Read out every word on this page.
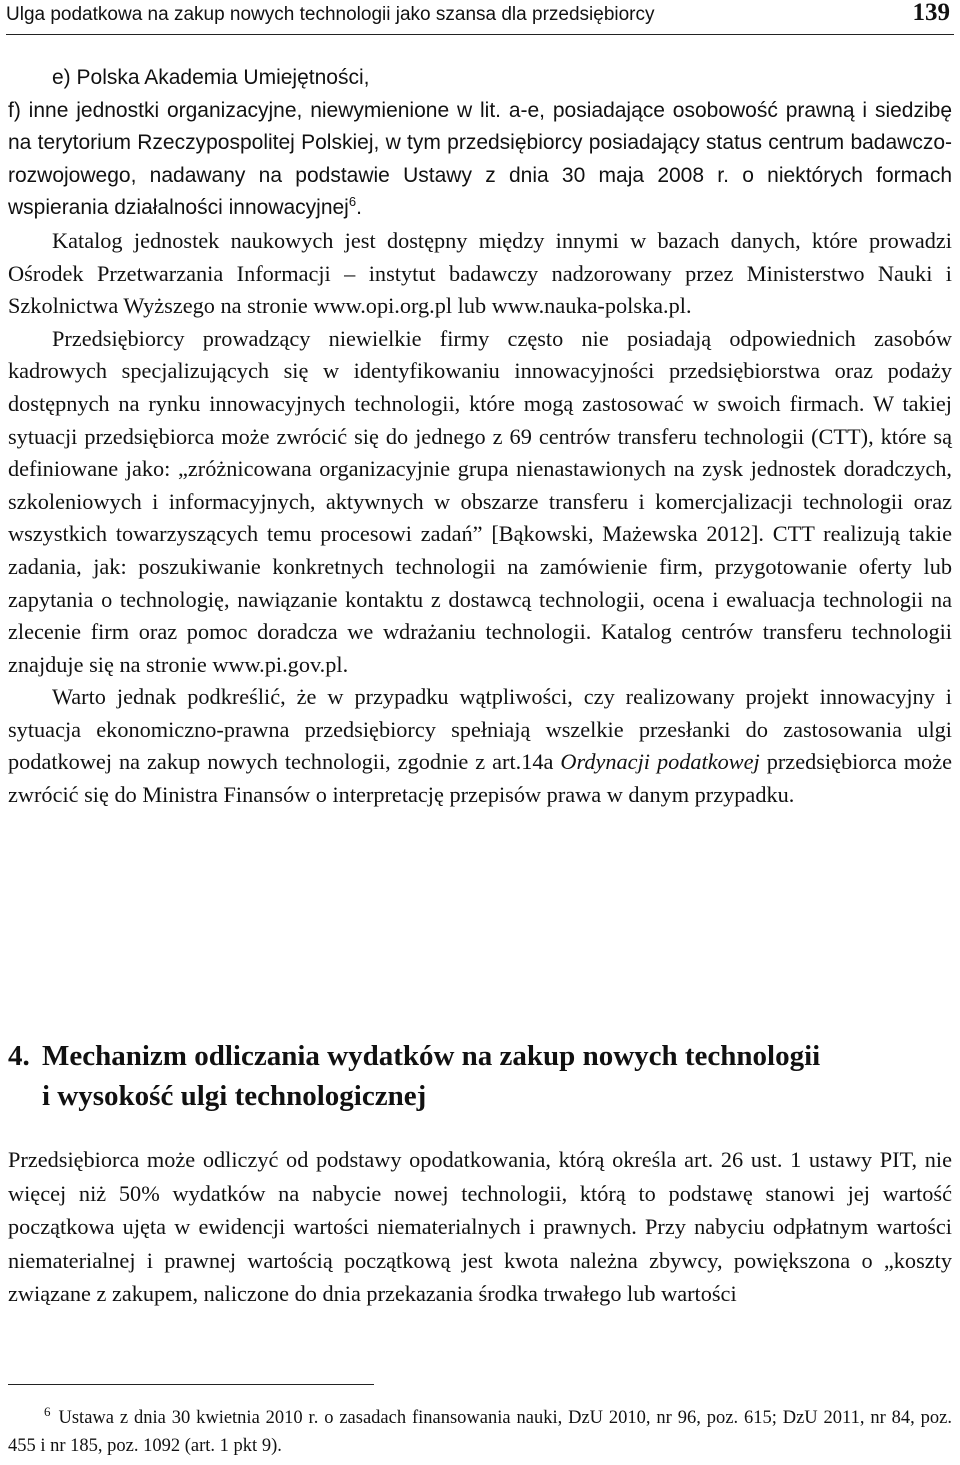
Ulga podatkowa na zakup nowych technologii jako szansa dla przedsiębiorcy	139

e) Polska Akademia Umiejętności,

f) inne jednostki organizacyjne, niewymienione w lit. a-e, posiadające osobowość prawną i siedzibę na terytorium Rzeczypospolitej Polskiej, w tym przedsiębiorcy posiadający status centrum badawczo-rozwojowego, nadawany na podstawie Ustawy z dnia 30 maja 2008 r. o niektórych formach wspierania działalności innowacyjnej$^6$.

Katalog jednostek naukowych jest dostępny między innymi w bazach danych, które prowadzi Ośrodek Przetwarzania Informacji – instytut badawczy nadzorowany przez Ministerstwo Nauki i Szkolnictwa Wyższego na stronie www.opi.org.pl lub www.nauka-polska.pl.

Przedsiębiorcy prowadzący niewielkie firmy często nie posiadają odpowiednich zasobów kadrowych specjalizujących się w identyfikowaniu innowacyjności przedsiębiorstwa oraz podaży dostępnych na rynku innowacyjnych technologii, które mogą zastosować w swoich firmach. W takiej sytuacji przedsiębiorca może zwrócić się do jednego z 69 centrów transferu technologii (CTT), które są definiowane jako: „zróżnicowana organizacyjnie grupa nienastawionych na zysk jednostek doradczych, szkoleniowych i informacyjnych, aktywnych w obszarze transferu i komercjalizacji technologii oraz wszystkich towarzyszących temu procesowi zadań” [Bąkowski, Mażewska 2012]. CTT realizują takie zadania, jak: poszukiwanie konkretnych technologii na zamówienie firm, przygotowanie oferty lub zapytania o technologię, nawiązanie kontaktu z dostawcą technologii, ocena i ewaluacja technologii na zlecenie firm oraz pomoc doradcza we wdrażaniu technologii. Katalog centrów transferu technologii znajduje się na stronie www.pi.gov.pl.

Warto jednak podkreślić, że w przypadku wątpliwości, czy realizowany projekt innowacyjny i sytuacja ekonomiczno-prawna przedsiębiorcy spełniają wszelkie przesłanki do zastosowania ulgi podatkowej na zakup nowych technologii, zgodnie z art.14a Ordynacji podatkowej przedsiębiorca może zwrócić się do Ministra Finansów o interpretację przepisów prawa w danym przypadku.

4. Mechanizm odliczania wydatków na zakup nowych technologii
i wysokość ulgi technologicznej

Przedsiębiorca może odliczyć od podstawy opodatkowania, którą określa art. 26 ust. 1 ustawy PIT, nie więcej niż 50% wydatków na nabycie nowej technologii, którą to podstawę stanowi jej wartość początkowa ujęta w ewidencji wartości niematerialnych i prawnych. Przy nabyciu odpłatnym wartości niematerialnej i prawnej wartością początkową jest kwota należna zbywcy, powiększona o „koszty związane z zakupem, naliczone do dnia przekazania środka trwałego lub wartości

$^6$ Ustawa z dnia 30 kwietnia 2010 r. o zasadach finansowania nauki, DzU 2010, nr 96, poz. 615; DzU 2011, nr 84, poz. 455 i nr 185, poz. 1092 (art. 1 pkt 9).
